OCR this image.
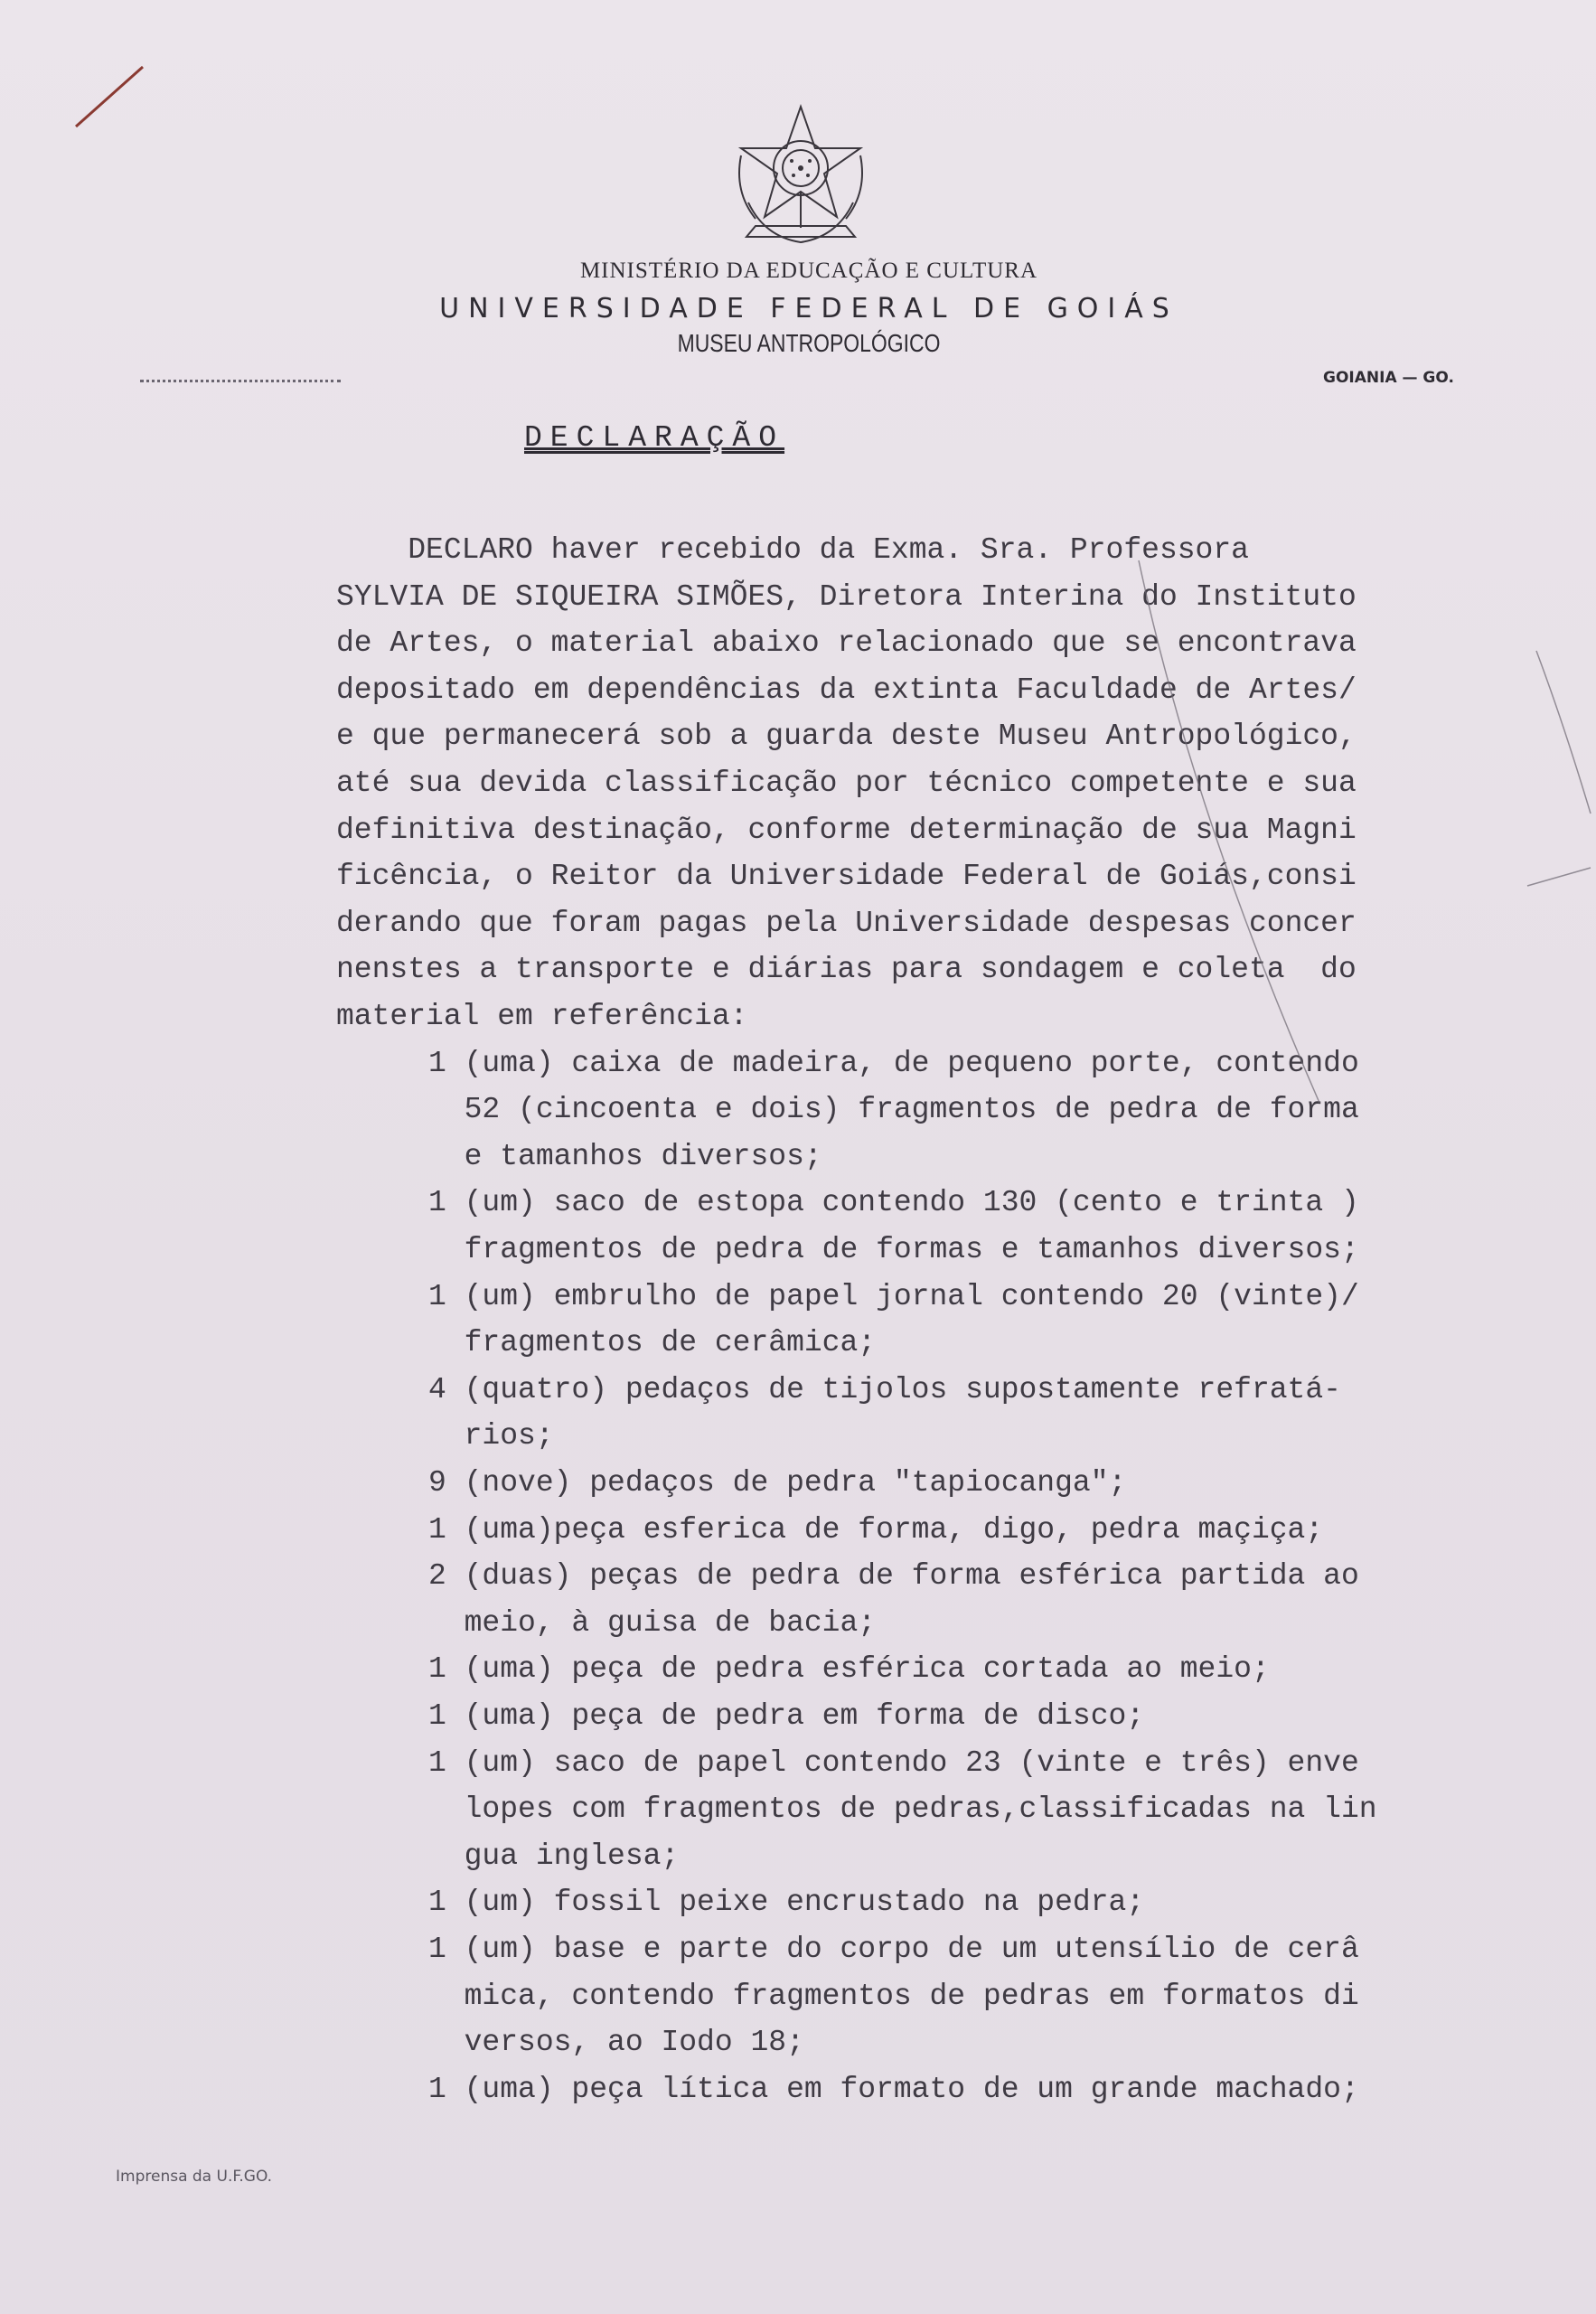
MINISTÉRIO DA EDUCAÇÃO E CULTURA
UNIVERSIDADE FEDERAL DE GOIÁS
MUSEU ANTROPOLÓGICO
GOIANIA — GO.
DECLARAÇÃO
DECLARO haver recebido da Exma. Sra. Professora
SYLVIA DE SIQUEIRA SIMÕES, Diretora Interina do Instituto
de Artes, o material abaixo relacionado que se encontrava
depositado em dependências da extinta Faculdade de Artes/
e que permanecerá sob a guarda deste Museu Antropológico,
até sua devida classificação por técnico competente e sua
definitiva destinação, conforme determinação de sua Magni
ficência, o Reitor da Universidade Federal de Goiás,consi
derando que foram pagas pela Universidade despesas concer
nenstes a transporte e diárias para sondagem e coleta  do
material em referência:
1 (uma) caixa de madeira, de pequeno porte, contendo
52 (cincoenta e dois) fragmentos de pedra de forma
e tamanhos diversos;
1 (um) saco de estopa contendo 130 (cento e trinta )
fragmentos de pedra de formas e tamanhos diversos;
1 (um) embrulho de papel jornal contendo 20 (vinte)/
fragmentos de cerâmica;
4 (quatro) pedaços de tijolos supostamente refratá-
rios;
9 (nove) pedaços de pedra "tapiocanga";
1 (uma)peça esferica de forma, digo, pedra maçiça;
2 (duas) peças de pedra de forma esférica partida ao
meio, à guisa de bacia;
1 (uma) peça de pedra esférica cortada ao meio;
1 (uma) peça de pedra em forma de disco;
1 (um) saco de papel contendo 23 (vinte e três) enve
lopes com fragmentos de pedras,classificadas na lin
gua inglesa;
1 (um) fossil peixe encrustado na pedra;
1 (um) base e parte do corpo de um utensílio de cerâ
mica, contendo fragmentos de pedras em formatos di
versos, ao Iodo 18;
1 (uma) peça lítica em formato de um grande machado;
Imprensa da U.F.GO.
